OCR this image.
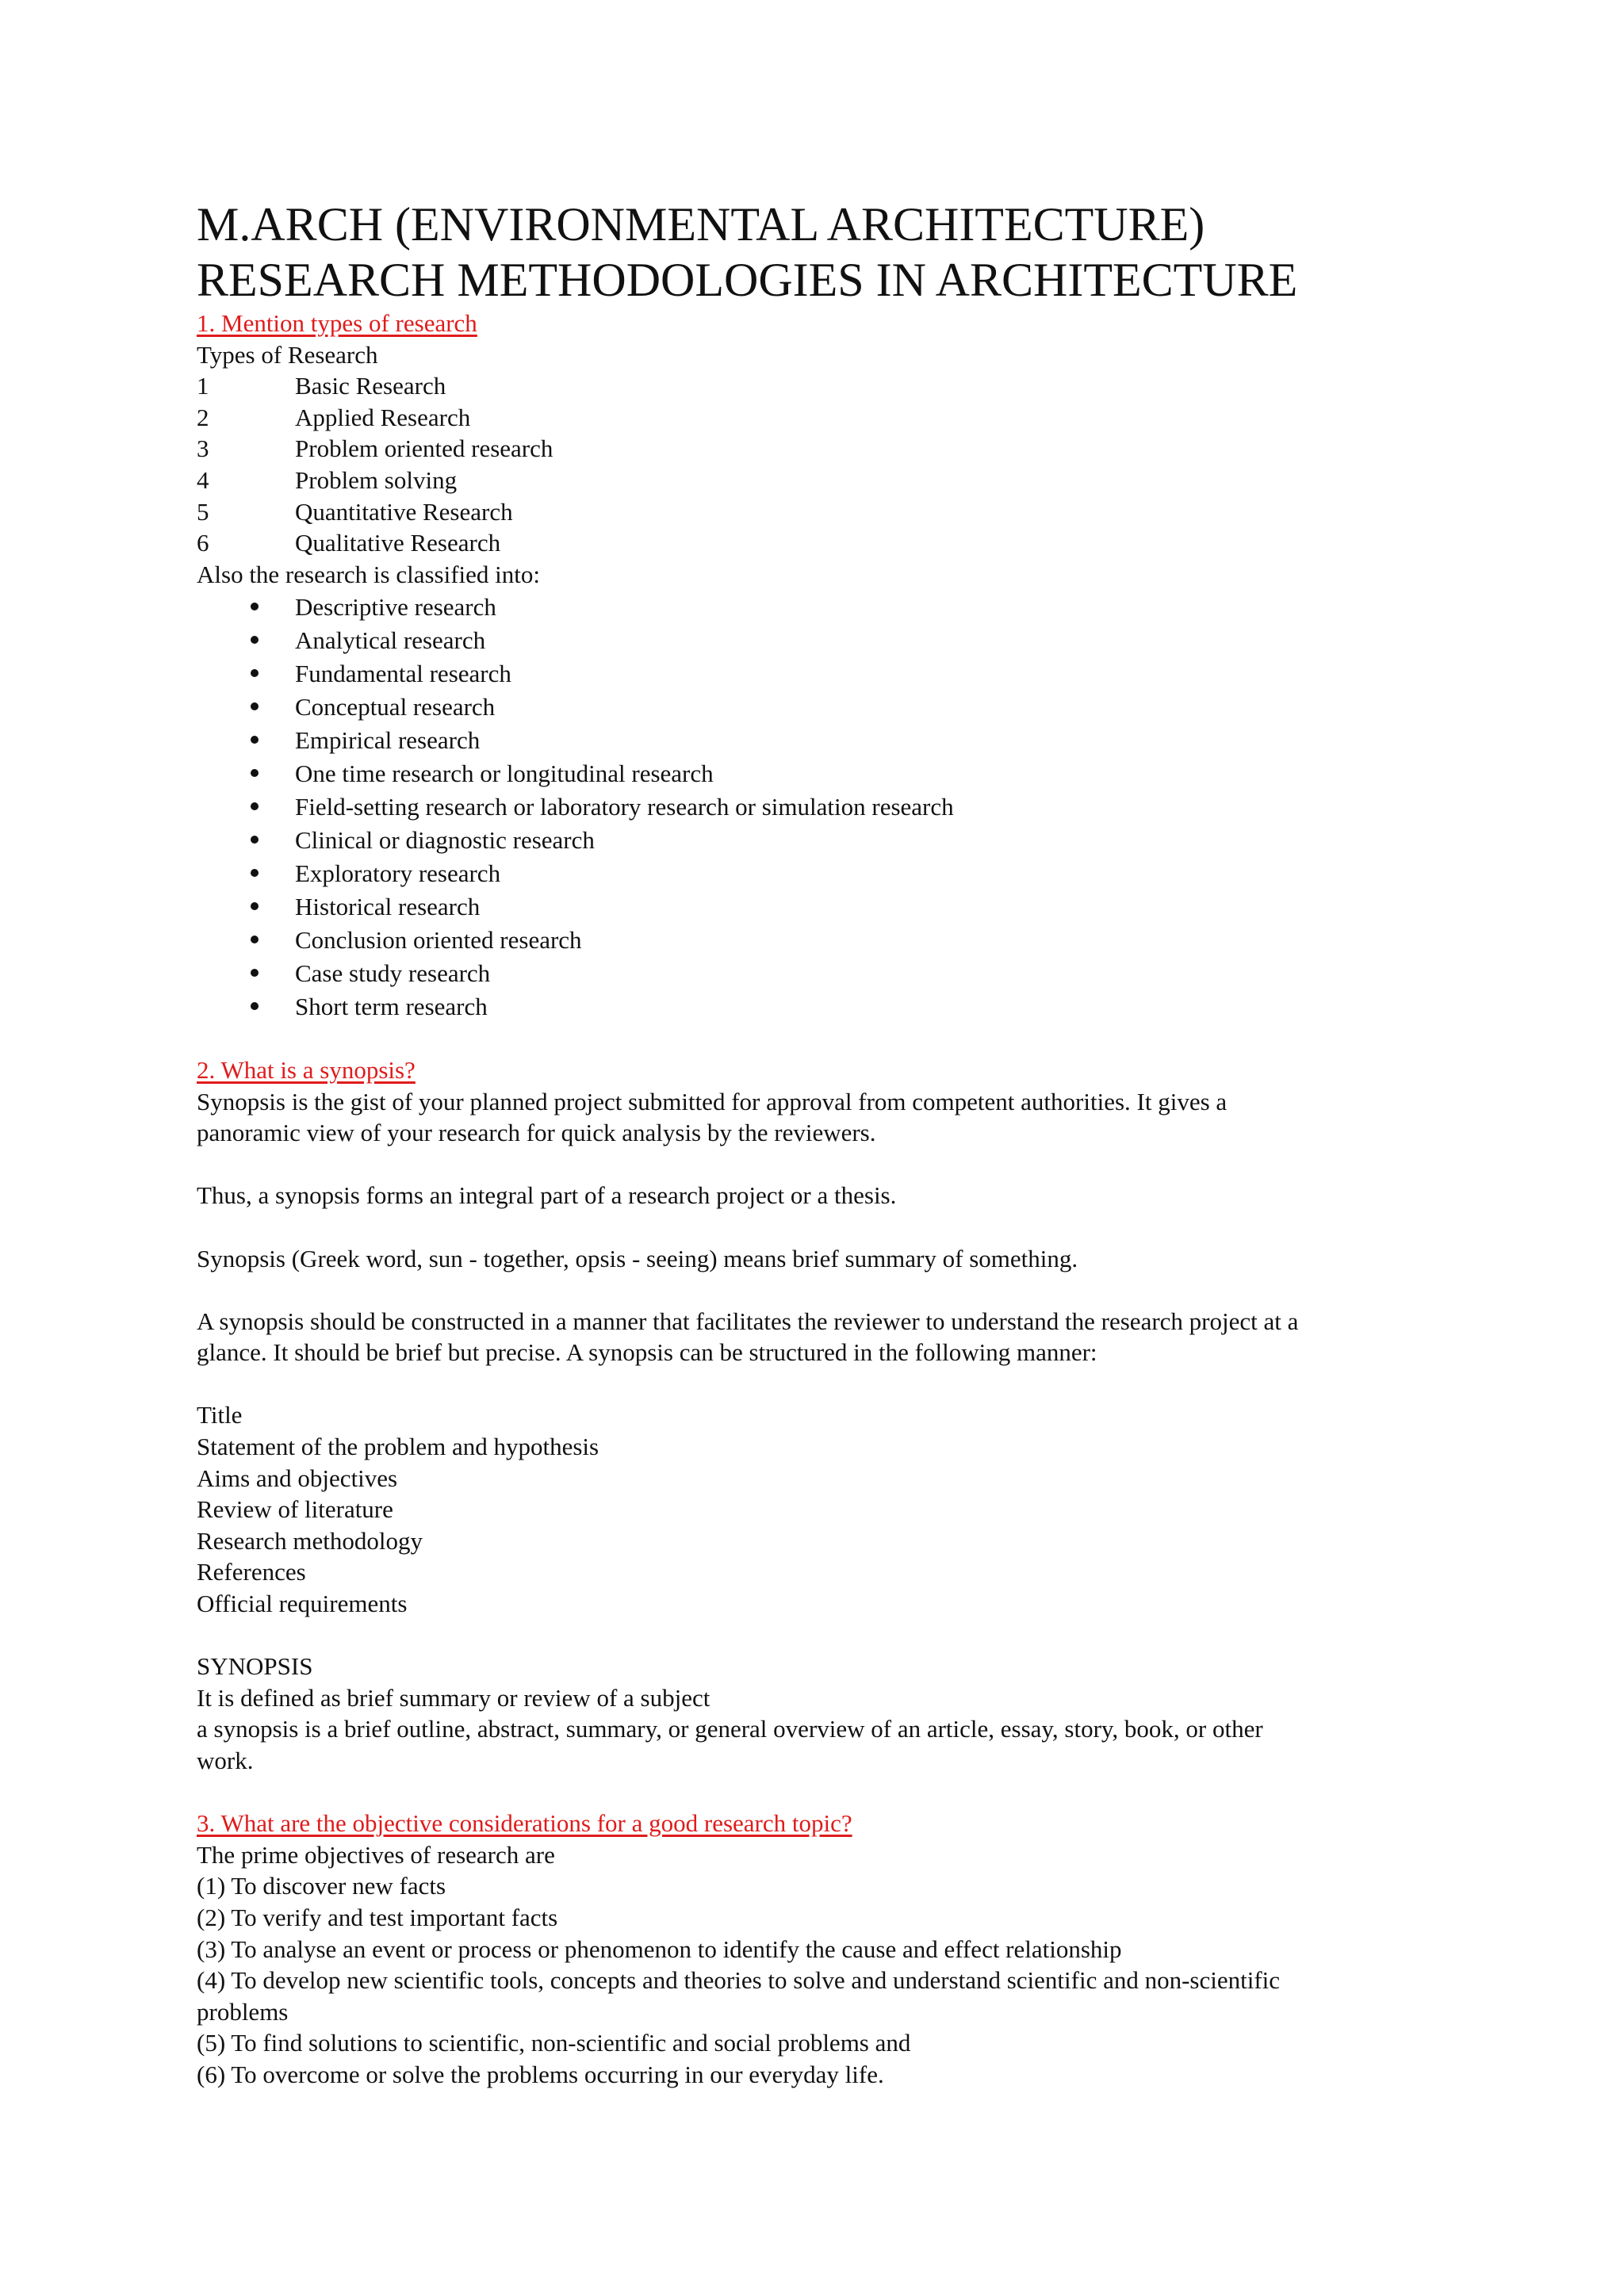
M.ARCH (ENVIRONMENTAL ARCHITECTURE)
RESEARCH METHODOLOGIES IN ARCHITECTURE
1. Mention types of research
Types of Research
1	Basic Research
2	Applied Research
3	Problem oriented research
4	Problem solving
5	Quantitative Research
6	Qualitative Research
Also the research is classified into:
Descriptive research
Analytical research
Fundamental research
Conceptual research
Empirical research
One time research or longitudinal research
Field-setting research or laboratory research or simulation research
Clinical or diagnostic research
Exploratory research
Historical research
Conclusion oriented research
Case study research
Short term research
2. What is a synopsis?
Synopsis is the gist of your planned project submitted for approval from competent authorities. It gives a
panoramic view of your research for quick analysis by the reviewers.
Thus, a synopsis forms an integral part of a research project or a thesis.
Synopsis (Greek word, sun - together, opsis - seeing) means brief summary of something.
A synopsis should be constructed in a manner that facilitates the reviewer to understand the research project at a
glance. It should be brief but precise. A synopsis can be structured in the following manner:
Title
Statement of the problem and hypothesis
Aims and objectives
Review of literature
Research methodology
References
Official requirements
SYNOPSIS
It is defined as brief summary or review of a subject
a synopsis is a brief outline, abstract, summary, or general overview of an article, essay, story, book, or other
work.
3. What are the objective considerations for a good research topic?
The prime objectives of research are
(1) To discover new facts
(2) To verify and test important facts
(3) To analyse an event or process or phenomenon to identify the cause and effect relationship
(4) To develop new scientific tools, concepts and theories to solve and understand scientific and non-scientific
problems
(5) To find solutions to scientific, non-scientific and social problems and
(6) To overcome or solve the problems occurring in our everyday life.
